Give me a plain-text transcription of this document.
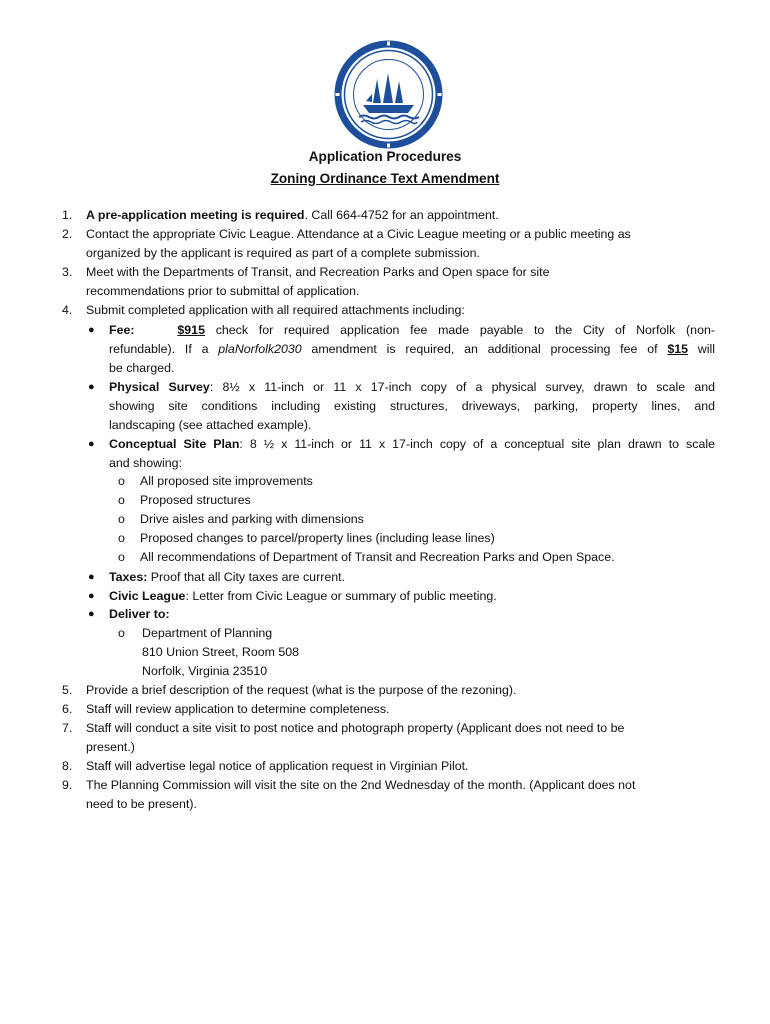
Application Procedures
Zoning Ordinance Text Amendment
1. A pre-application meeting is required. Call 664-4752 for an appointment.
2. Contact the appropriate Civic League. Attendance at a Civic League meeting or a public meeting as
organized by the applicant is required as part of a complete submission.
3. Meet with the Departments of Transit, and Recreation Parks and Open space for site
recommendations prior to submittal of application.
4. Submit completed application with all required attachments including:
● Fee:	$915 check for required application fee made payable to the City of Norfolk (non-
refundable). If a plaNorfolk2030 amendment is required, an additional processing fee of $15 will
be charged.
● Physical Survey: 8½ x 11-inch or 11 x 17-inch copy of a physical survey, drawn to scale and
showing site conditions including existing structures, driveways, parking, property lines, and
landscaping (see attached example).
● Conceptual Site Plan: 8 ½ x 11-inch or 11 x 17-inch copy of a conceptual site plan drawn to scale
and showing:
o All proposed site improvements
o Proposed structures
o Drive aisles and parking with dimensions
o Proposed changes to parcel/property lines (including lease lines)
o All recommendations of Department of Transit and Recreation Parks and Open Space.
● Taxes: Proof that all City taxes are current.
● Civic League: Letter from Civic League or summary of public meeting.
● Deliver to:
o Department of Planning
810 Union Street, Room 508
Norfolk, Virginia 23510
5. Provide a brief description of the request (what is the purpose of the rezoning).
6. Staff will review application to determine completeness.
7. Staff will conduct a site visit to post notice and photograph property (Applicant does not need to be
present.)
8. Staff will advertise legal notice of application request in Virginian Pilot.
9. The Planning Commission will visit the site on the 2nd Wednesday of the month. (Applicant does not
need to be present).
